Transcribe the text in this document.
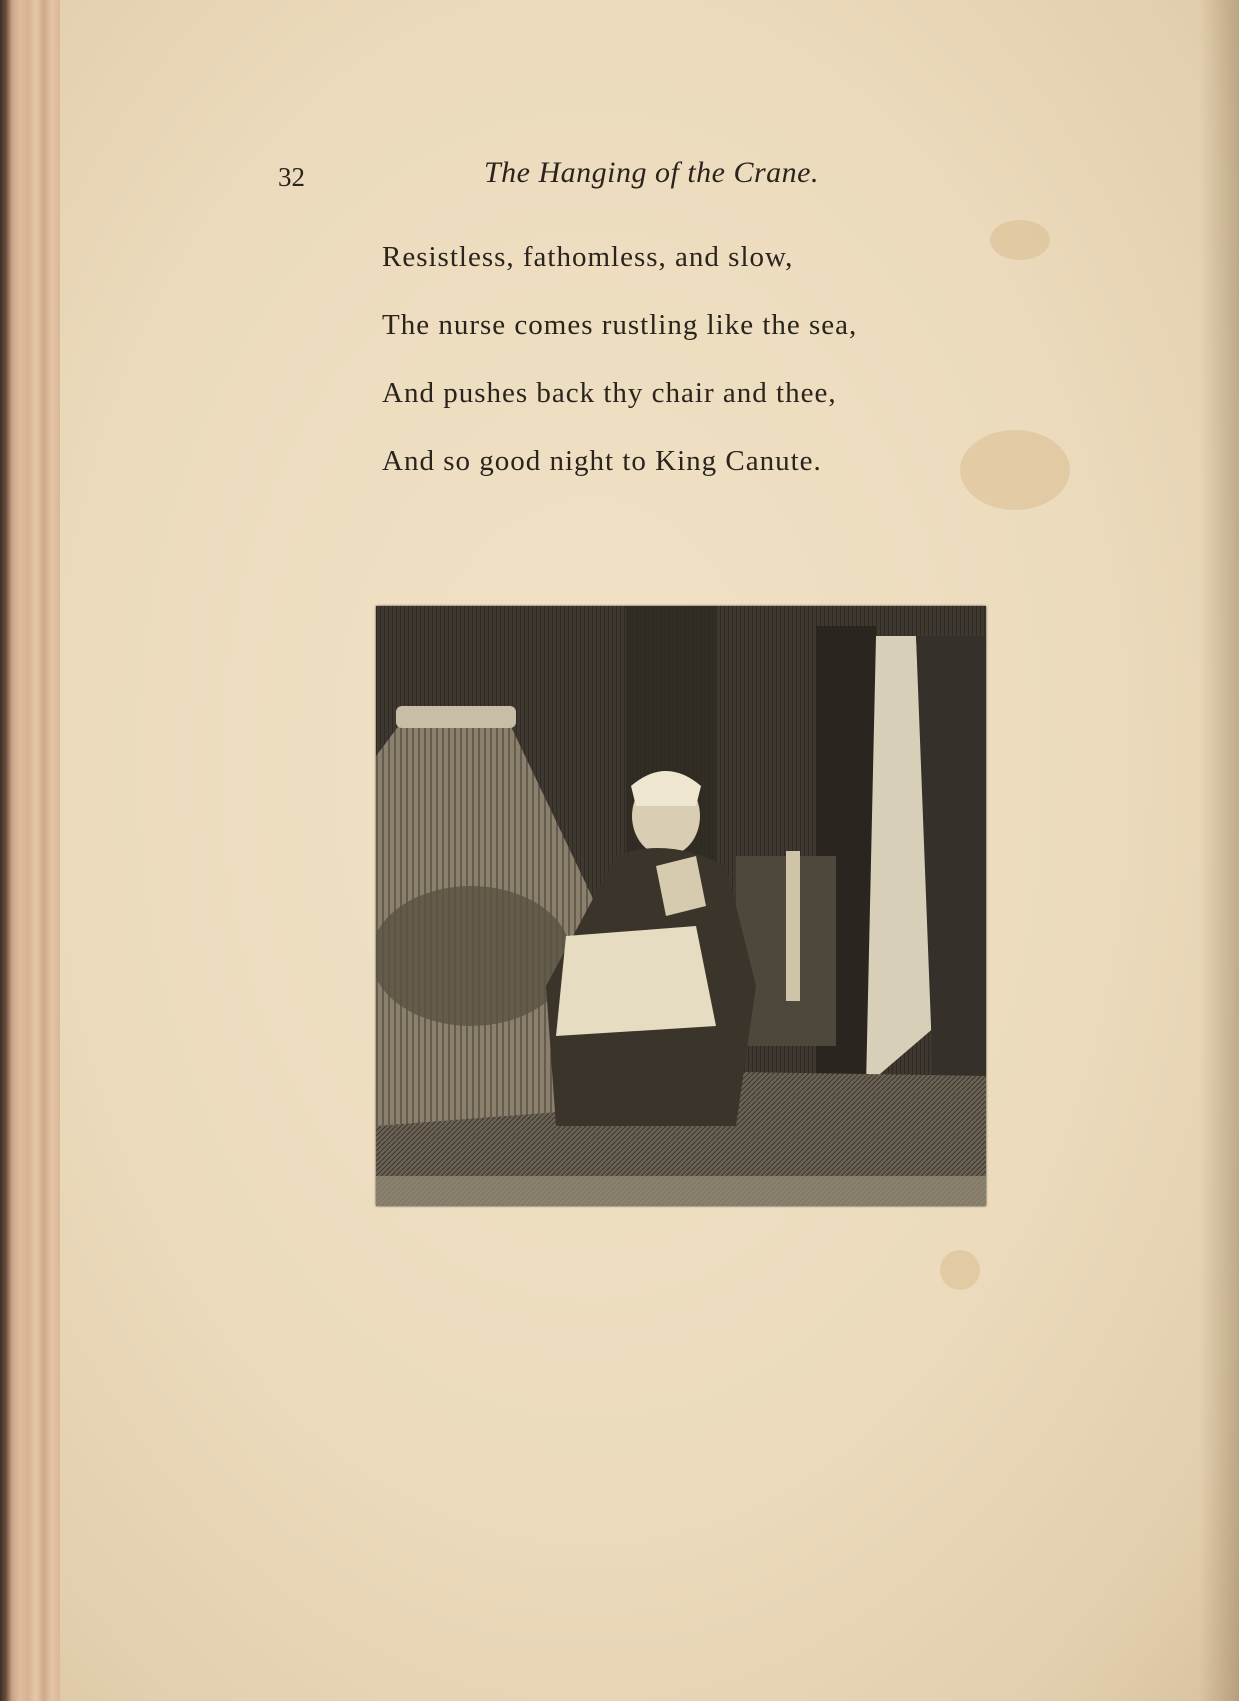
32	The Hanging of the Crane.
Resistless, fathomless, and slow,
The nurse comes rustling like the sea,
And pushes back thy chair and thee,
And so good night to King Canute.
